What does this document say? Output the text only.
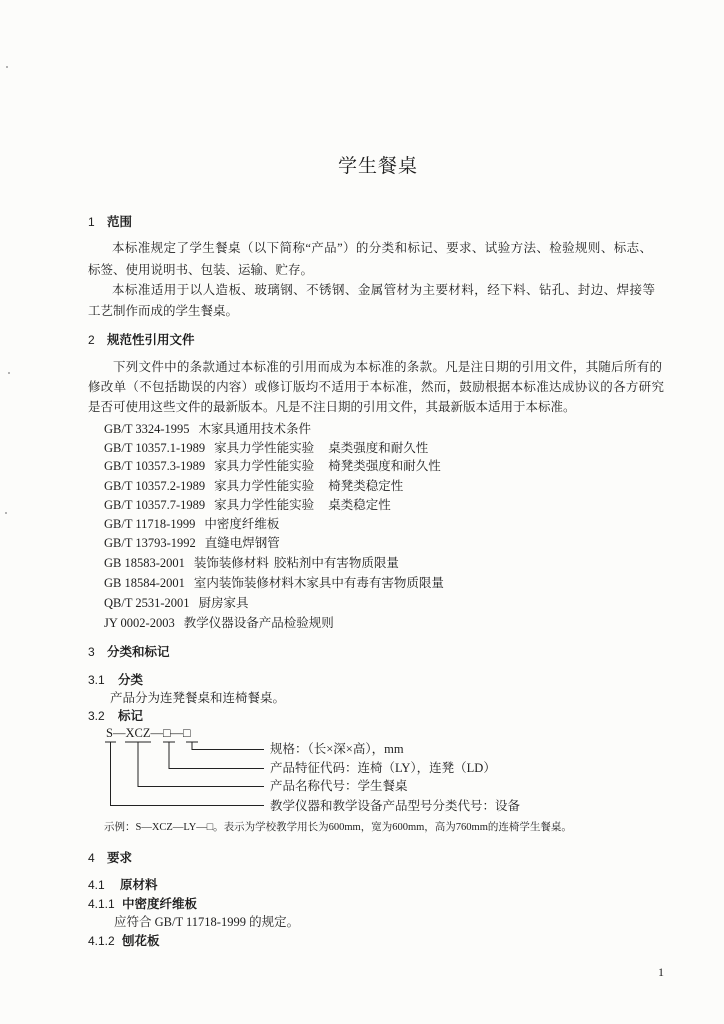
学生餐桌
1 范围
本标准规定了学生餐桌（以下简称“产品”）的分类和标记、要求、试验方法、检验规则、标志、
标签、使用说明书、包装、运输、贮存。
本标准适用于以人造板、玻璃钢、不锈钢、金属管材为主要材料，经下料、钻孔、封边、焊接等
工艺制作而成的学生餐桌。
2 规范性引用文件
下列文件中的条款通过本标准的引用而成为本标准的条款。凡是注日期的引用文件，其随后所有的
修改单（不包括勘误的内容）或修订版均不适用于本标准，然而，鼓励根据本标准达成协议的各方研究
是否可使用这些文件的最新版本。凡是不注日期的引用文件，其最新版本适用于本标准。
GB/T 3324-1995 木家具通用技术条件
GB/T 10357.1-1989 家具力学性能实验 桌类强度和耐久性
GB/T 10357.3-1989 家具力学性能实验 椅凳类强度和耐久性
GB/T 10357.2-1989 家具力学性能实验 椅凳类稳定性
GB/T 10357.7-1989 家具力学性能实验 桌类稳定性
GB/T 11718-1999 中密度纤维板
GB/T 13793-1992 直缝电焊钢管
GB 18583-2001 装饰装修材料 胶粘剂中有害物质限量
GB 18584-2001 室内装饰装修材料木家具中有毒有害物质限量
QB/T 2531-2001 厨房家具
JY 0002-2003 教学仪器设备产品检验规则
3 分类和标记
3.1 分类
产品分为连凳餐桌和连椅餐桌。
3.2 标记
S—XCZ—□—□
规格：（长×深×高），mm
产品特征代码：连椅（LY），连凳（LD）
产品名称代号：学生餐桌
教学仪器和教学设备产品型号分类代号：设备
示例：S—XCZ—LY—□。表示为学校教学用长为600mm，宽为600mm，高为760mm的连椅学生餐桌。
4 要求
4.1 原材料
4.1.1 中密度纤维板
应符合 GB/T 11718-1999 的规定。
4.1.2 刨花板
1
